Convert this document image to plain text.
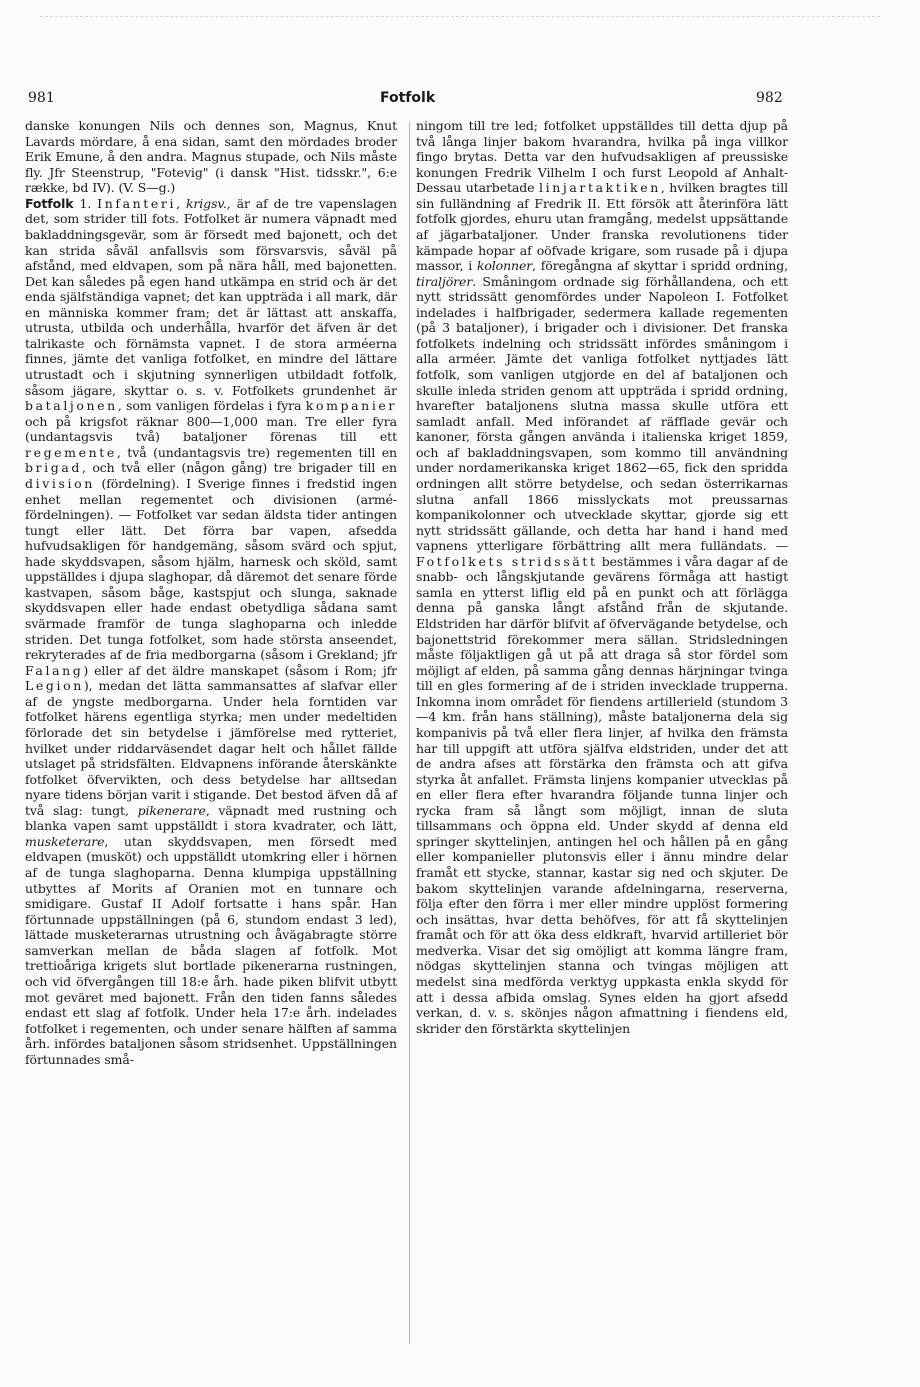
981	Fotfolk	982

danske konungen Nils och dennes son, Magnus, Knut Lavards mördare, å ena sidan, samt den mördades broder Erik Emune, å den andra. Magnus stupade, och Nils måste fly. Jfr Steenstrup, "Fotevig" (i dansk "Hist. tidsskr.", 6:e række, bd IV). (V. S—g.)

Fotfolk 1. Infanteri, krigsv., är af de tre vapenslagen det, som strider till fots. Fotfolket är numera väpnadt med bakladdningsgevär, som är försedt med bajonett, och det kan strida såväl anfallsvis som försvarsvis, såväl på afstånd, med eldvapen, som på nära håll, med bajonetten. Det kan således på egen hand utkämpa en strid och är det enda själfständiga vapnet; det kan uppträda i all mark, där en människa kommer fram; det är lättast att anskaffa, utrusta, utbilda och underhålla, hvarför det äfven är det talrikaste och förnämsta vapnet. I de stora arméerna finnes, jämte det vanliga fotfolket, en mindre del lättare utrustadt och i skjutning synnerligen utbildadt fotfolk, såsom jägare, skyttar o. s. v. Fotfolkets grundenhet är bataljonen, som vanligen fördelas i fyra kompanier och på krigsfot räknar 800—1,000 man. Tre eller fyra (undantagsvis två) bataljoner förenas till ett regemente, två (undantagsvis tre) regementen till en brigad, och två eller (någon gång) tre brigader till en division (fördelning). I Sverige finnes i fredstid ingen enhet mellan regementet och divisionen (armé-fördelningen). — Fotfolket var sedan äldsta tider antingen tungt eller lätt. Det förra bar vapen, afsedda hufvudsakligen för handgemäng, såsom svärd och spjut, hade skyddsvapen, såsom hjälm, harnesk och sköld, samt uppställdes i djupa slaghopar, då däremot det senare förde kastvapen, såsom båge, kastspjut och slunga, saknade skyddsvapen eller hade endast obetydliga sådana samt svärmade framför de tunga slaghoparna och inledde striden. Det tunga fotfolket, som hade största anseendet, rekryterades af de fria medborgarna (såsom i Grekland; jfr Falang) eller af det äldre manskapet (såsom i Rom; jfr Legion), medan det lätta sammansattes af slafvar eller af de yngste medborgarna. Under hela forntiden var fotfolket härens egentliga styrka; men under medeltiden förlorade det sin betydelse i jämförelse med rytteriet, hvilket under riddarväsendet dagar helt och hållet fällde utslaget på stridsfälten. Eldvapnens införande återskänkte fotfolket öfvervikten, och dess betydelse har alltsedan nyare tidens början varit i stigande. Det bestod äfven då af två slag: tungt, pikenerare, väpnadt med rustning och blanka vapen samt uppställdt i stora kvadrater, och lätt, musketerare, utan skyddsvapen, men försedt med eldvapen (musköt) och uppställdt utomkring eller i hörnen af de tunga slaghoparna. Denna klumpiga uppställning utbyttes af Morits af Oranien mot en tunnare och smidigare. Gustaf II Adolf fortsatte i hans spår. Han förtunnade uppställningen (på 6, stundom endast 3 led), lättade musketerarnas utrustning och åvägabragte större samverkan mellan de båda slagen af fotfolk. Mot trettioåriga krigets slut bortlade pikenerarna rustningen, och vid öfvergången till 18:e årh. hade piken blifvit utbytt mot geväret med bajonett. Från den tiden fanns således endast ett slag af fotfolk. Under hela 17:e årh. indelades fotfolket i regementen, och under senare hälften af samma årh. infördes bataljonen såsom stridsenhet. Uppställningen förtunnades små-

ningom till tre led; fotfolket uppställdes till detta djup på två långa linjer bakom hvarandra, hvilka på inga villkor fingo brytas. Detta var den hufvudsakligen af preussiske konungen Fredrik Vilhelm I och furst Leopold af Anhalt-Dessau utarbetade linjartaktiken, hvilken bragtes till sin fulländning af Fredrik II. Ett försök att återinföra lätt fotfolk gjordes, ehuru utan framgång, medelst uppsättande af jägarbataljoner. Under franska revolutionens tider kämpade hopar af oöfvade krigare, som rusade på i djupa massor, i kolonner, föregångna af skyttar i spridd ordning, tiraljörer. Småningom ordnade sig förhållandena, och ett nytt stridssätt genomfördes under Napoleon I. Fotfolket indelades i halfbrigader, sedermera kallade regementen (på 3 bataljoner), i brigader och i divisioner. Det franska fotfolkets indelning och stridssätt infördes småningom i alla arméer. Jämte det vanliga fotfolket nyttjades lätt fotfolk, som vanligen utgjorde en del af bataljonen och skulle inleda striden genom att uppträda i spridd ordning, hvarefter bataljonens slutna massa skulle utföra ett samladt anfall. Med införandet af räfflade gevär och kanoner, första gången använda i italienska kriget 1859, och af bakladdningsvapen, som kommo till användning under nordamerikanska kriget 1862—65, fick den spridda ordningen allt större betydelse, och sedan österrikarnas slutna anfall 1866 misslyckats mot preussarnas kompanikolonner och utvecklade skyttar, gjorde sig ett nytt stridssätt gällande, och detta har hand i hand med vapnens ytterligare förbättring allt mera fulländats. — Fotfolkets stridssätt bestämmes i våra dagar af de snabb- och långskjutande gevärens förmåga att hastigt samla en ytterst liflig eld på en punkt och att förlägga denna på ganska långt afstånd från de skjutande. Eldstriden har därför blifvit af öfvervägande betydelse, och bajonettstrid förekommer mera sällan. Stridsledningen måste följaktligen gå ut på att draga så stor fördel som möjligt af elden, på samma gång dennas härjningar tvinga till en gles formering af de i striden invecklade trupperna. Inkomna inom området för fiendens artillerield (stundom 3—4 km. från hans ställning), måste bataljonerna dela sig kompanivis på två eller flera linjer, af hvilka den främsta har till uppgift att utföra själfva eldstriden, under det att de andra afses att förstärka den främsta och att gifva styrka åt anfallet. Främsta linjens kompanier utvecklas på en eller flera efter hvarandra följande tunna linjer och rycka fram så långt som möjligt, innan de sluta tillsammans och öppna eld. Under skydd af denna eld springer skyttelinjen, antingen hel och hållen på en gång eller kompanieller plutonsvis eller i ännu mindre delar framåt ett stycke, stannar, kastar sig ned och skjuter. De bakom skyttelinjen varande afdelningarna, reserverna, följa efter den förra i mer eller mindre upplöst formering och insättas, hvar detta behöfves, för att få skyttelinjen framåt och för att öka dess eldkraft, hvarvid artilleriet bör medverka. Visar det sig omöjligt att komma längre fram, nödgas skyttelinjen stanna och tvingas möjligen att medelst sina medförda verktyg uppkasta enkla skydd för att i dessa afbida omslag. Synes elden ha gjort afsedd verkan, d. v. s. skönjes någon afmattning i fiendens eld, skrider den förstärkta skyttelinjen
